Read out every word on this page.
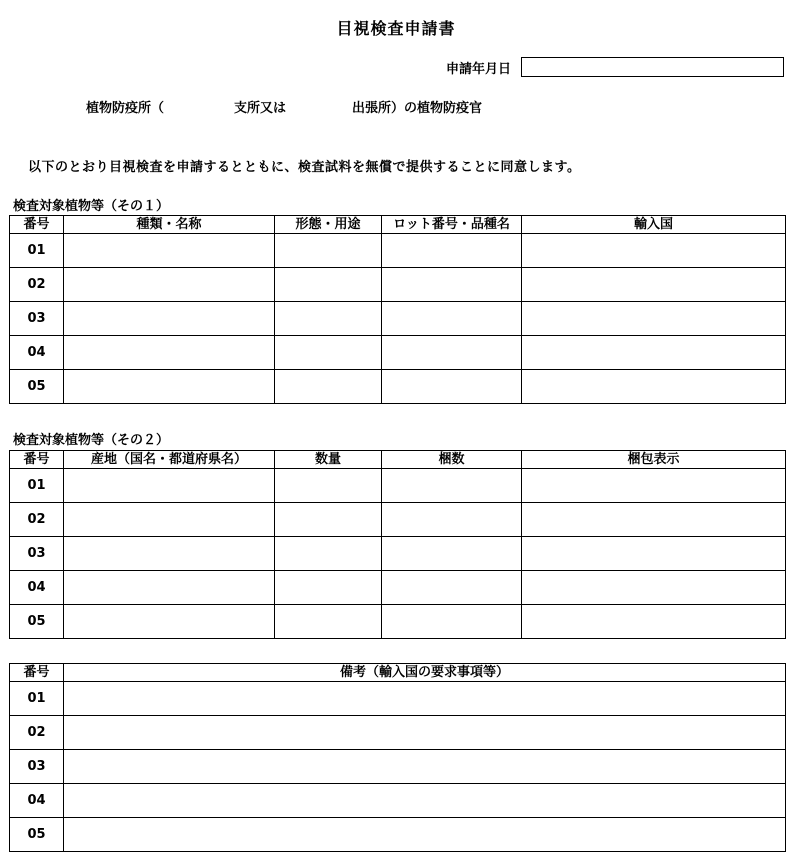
目視検査申請書
申請年月日
植物防疫所（	支所又は	出張所）の植物防疫官
以下のとおり目視検査を申請するとともに、検査試料を無償で提供することに同意します。
検査対象植物等（その１）
番号	種類・名称	形態・用途	ロット番号・品種名	輸入国
01				
02				
03				
04				
05				
検査対象植物等（その２）
番号	産地（国名・都道府県名）	数量	梱数	梱包表示
01				
02				
03				
04				
05				
番号	備考（輸入国の要求事項等）
01	
02	
03	
04	
05	
